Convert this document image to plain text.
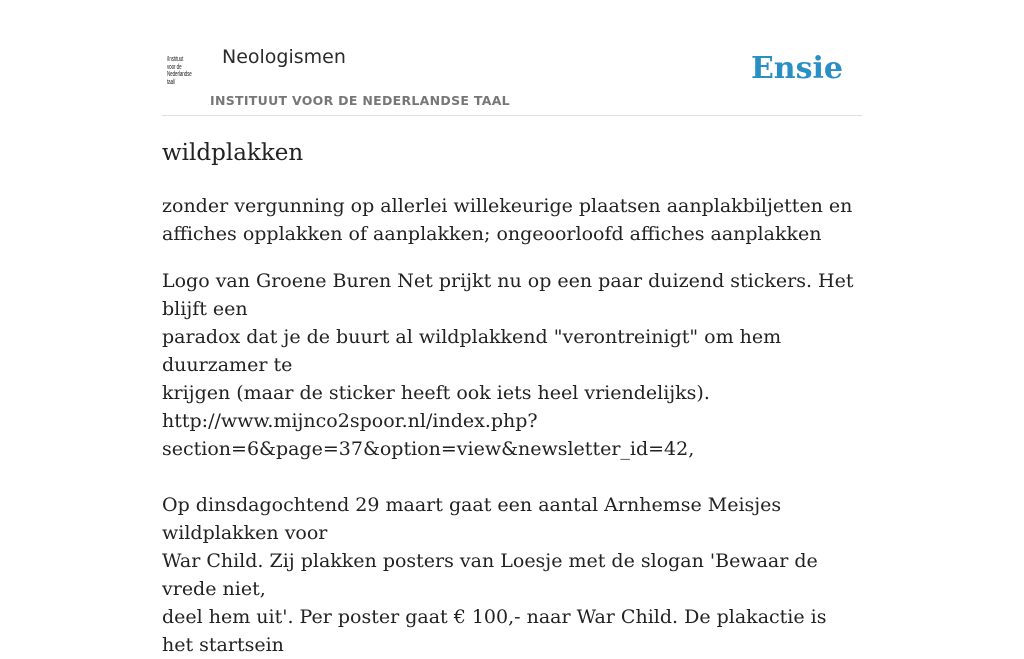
/Instituut
voor de
Nederlandse
taal/
Neologismen
INSTITUUT VOOR DE NEDERLANDSE TAAL
Ensie
wildplakken

zonder vergunning op allerlei willekeurige plaatsen aanplakbiljetten en affiches opplakken of aanplakken; ongeoorloofd affiches aanplakken

Logo van Groene Buren Net prijkt nu op een paar duizend stickers. Het blijft een
paradox dat je de buurt al wildplakkend "verontreinigt" om hem duurzamer te
krijgen (maar de sticker heeft ook iets heel vriendelijks).
http://www.mijnco2spoor.nl/index.php?
section=6&page=37&option=view&newsletter_id=42,
Op dinsdagochtend 29 maart gaat een aantal Arnhemse Meisjes wildplakken voor
War Child. Zij plakken posters van Loesje met de slogan 'Bewaar de vrede niet,
deel hem uit'. Per poster gaat € 100,- naar War Child. De plakactie is het startsein
